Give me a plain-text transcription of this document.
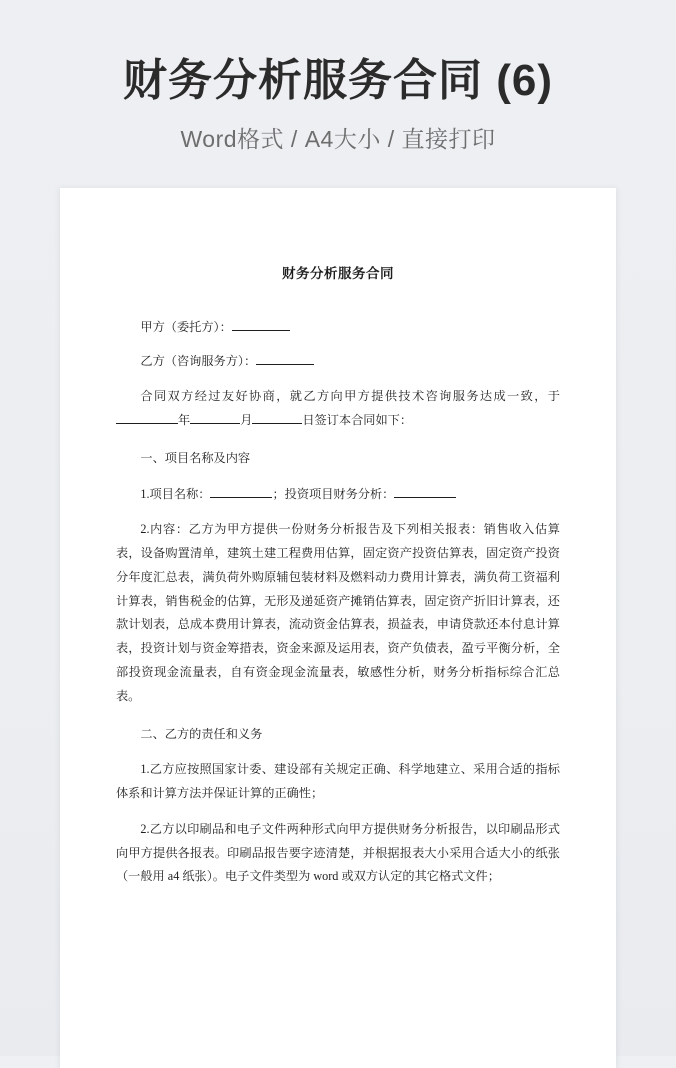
财务分析服务合同 (6)
Word格式 / A4大小 / 直接打印
财务分析服务合同

甲方（委托方）：

乙方（咨询服务方）：

合同双方经过友好协商，就乙方向甲方提供技术咨询服务达成一致，于年	月	日签订本合同如下：

一、项目名称及内容

1.项目名称：	；投资项目财务分析：

2.内容：乙方为甲方提供一份财务分析报告及下列相关报表：销售收入估算表，设备购置清单，建筑土建工程费用估算，固定资产投资估算表，固定资产投资分年度汇总表，满负荷外购原辅包装材料及燃料动力费用计算表，满负荷工资福利计算表，销售税金的估算，无形及递延资产摊销估算表，固定资产折旧计算表，还款计划表，总成本费用计算表，流动资金估算表，损益表，申请贷款还本付息计算表，投资计划与资金筹措表，资金来源及运用表，资产负债表，盈亏平衡分析，全部投资现金流量表，自有资金现金流量表，敏感性分析，财务分析指标综合汇总表。

二、乙方的责任和义务

1.乙方应按照国家计委、建设部有关规定正确、科学地建立、采用合适的指标体系和计算方法并保证计算的正确性；

2.乙方以印刷品和电子文件两种形式向甲方提供财务分析报告，以印刷品形式向甲方提供各报表。印刷品报告要字迹清楚，并根据报表大小采用合适大小的纸张（一般用 a4 纸张）。电子文件类型为 word 或双方认定的其它格式文件；
